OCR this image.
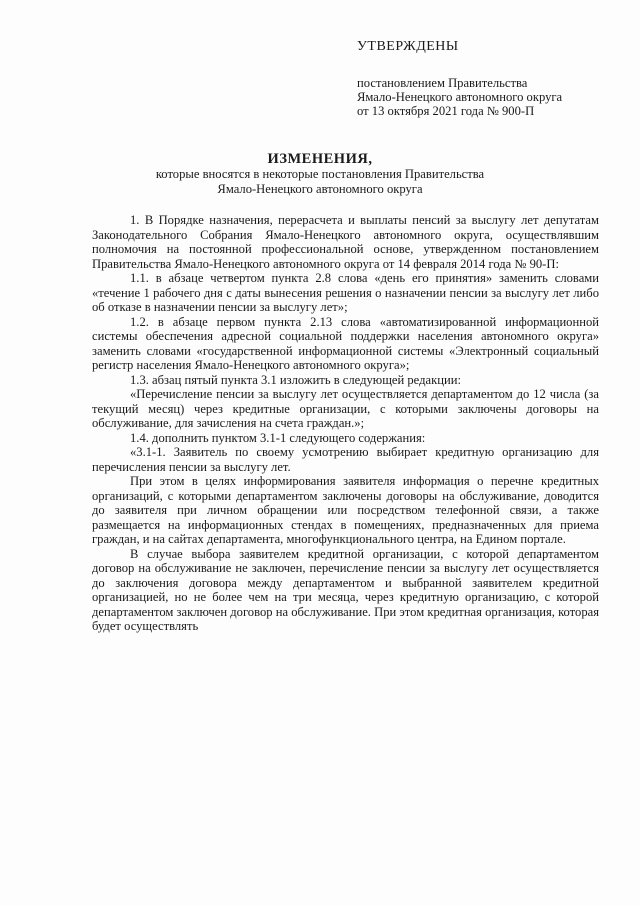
УТВЕРЖДЕНЫ
постановлением Правительства
Ямало-Ненецкого автономного округа
от 13 октября 2021 года № 900-П
ИЗМЕНЕНИЯ,
которые вносятся в некоторые постановления Правительства
Ямало-Ненецкого автономного округа

1. В Порядке назначения, перерасчета и выплаты пенсий за выслугу лет депутатам Законодательного Собрания Ямало-Ненецкого автономного округа, осуществлявшим полномочия на постоянной профессиональной основе, утвержденном постановлением Правительства Ямало-Ненецкого автономного округа от 14 февраля 2014 года № 90-П:

1.1. в абзаце четвертом пункта 2.8 слова «день его принятия» заменить словами «течение 1 рабочего дня с даты вынесения решения о назначении пенсии за выслугу лет либо об отказе в назначении пенсии за выслугу лет»;

1.2. в абзаце первом пункта 2.13 слова «автоматизированной информационной системы обеспечения адресной социальной поддержки населения автономного округа» заменить словами «государственной информационной системы «Электронный социальный регистр населения Ямало-Ненецкого автономного округа»;

1.3. абзац пятый пункта 3.1 изложить в следующей редакции:

«Перечисление пенсии за выслугу лет осуществляется департаментом до 12 числа (за текущий месяц) через кредитные организации, с которыми заключены договоры на обслуживание, для зачисления на счета граждан.»;

1.4. дополнить пунктом 3.1-1 следующего содержания:

«3.1-1. Заявитель по своему усмотрению выбирает кредитную организацию для перечисления пенсии за выслугу лет.

При этом в целях информирования заявителя информация о перечне кредитных организаций, с которыми департаментом заключены договоры на обслуживание, доводится до заявителя при личном обращении или посредством телефонной связи, а также размещается на информационных стендах в помещениях, предназначенных для приема граждан, и на сайтах департамента, многофункционального центра, на Едином портале.

В случае выбора заявителем кредитной организации, с которой департаментом договор на обслуживание не заключен, перечисление пенсии за выслугу лет осуществляется до заключения договора между департаментом и выбранной заявителем кредитной организацией, но не более чем на три месяца, через кредитную организацию, с которой департаментом заключен договор на обслуживание. При этом кредитная организация, которая будет осуществлять
